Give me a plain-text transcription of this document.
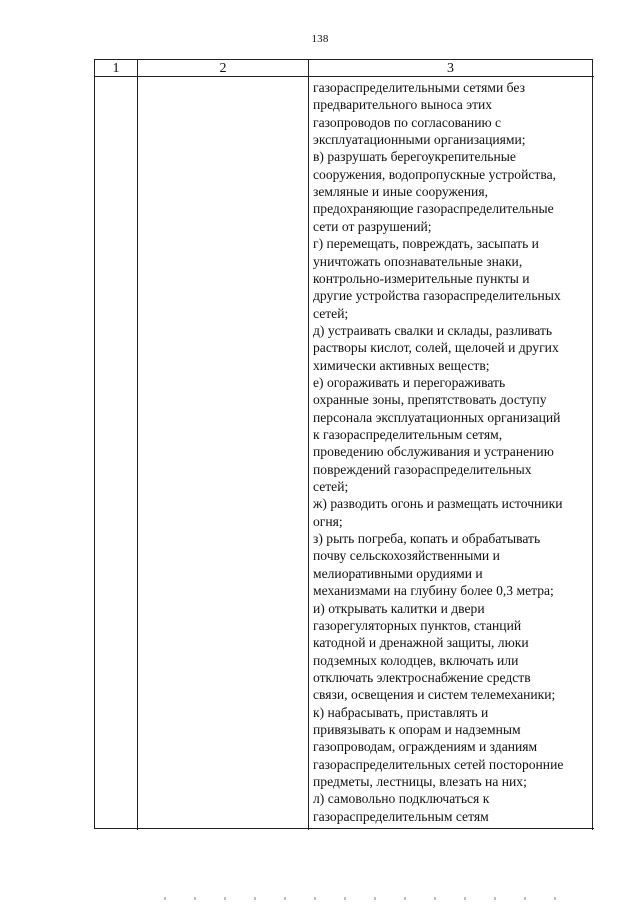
138
1	2	3
газораспределительными сетями без
предварительного выноса этих
газопроводов по согласованию с
эксплуатационными организациями;
в) разрушать берегоукрепительные
сооружения, водопропускные устройства,
земляные и иные сооружения,
предохраняющие газораспределительные
сети от разрушений;
г) перемещать, повреждать, засыпать и
уничтожать опознавательные знаки,
контрольно-измерительные пункты и
другие устройства газораспределительных
сетей;
д) устраивать свалки и склады, разливать
растворы кислот, солей, щелочей и других
химически активных веществ;
е) огораживать и перегораживать
охранные зоны, препятствовать доступу
персонала эксплуатационных организаций
к газораспределительным сетям,
проведению обслуживания и устранению
повреждений газораспределительных
сетей;
ж) разводить огонь и размещать источники
огня;
з) рыть погреба, копать и обрабатывать
почву сельскохозяйственными и
мелиоративными орудиями и
механизмами на глубину более 0,3 метра;
и) открывать калитки и двери
газорегуляторных пунктов, станций
катодной и дренажной защиты, люки
подземных колодцев, включать или
отключать электроснабжение средств
связи, освещения и систем телемеханики;
к) набрасывать, приставлять и
привязывать к опорам и надземным
газопроводам, ограждениям и зданиям
газораспределительных сетей посторонние
предметы, лестницы, влезать на них;
л) самовольно подключаться к
газораспределительным сетям
